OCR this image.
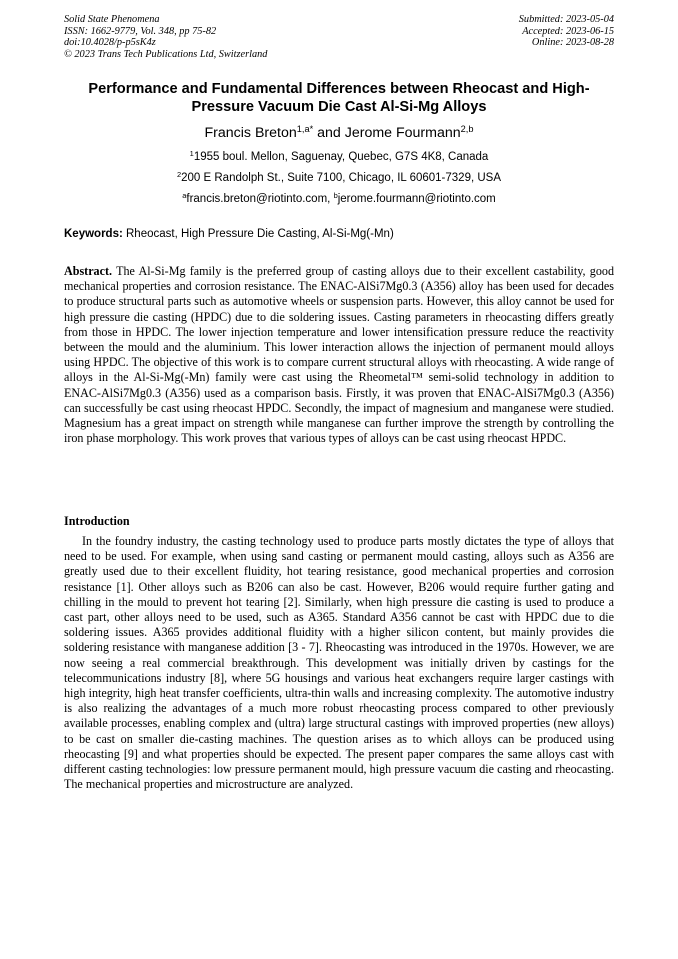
Solid State Phenomena
ISSN: 1662-9779, Vol. 348, pp 75-82
doi:10.4028/p-p5sK4z
© 2023 Trans Tech Publications Ltd, Switzerland
Submitted: 2023-05-04
Accepted: 2023-06-15
Online: 2023-08-28
Performance and Fundamental Differences between Rheocast and High-Pressure Vacuum Die Cast Al-Si-Mg Alloys
Francis Breton$^{1,a*}$ and Jerome Fourmann$^{2,b}$
$^1$1955 boul. Mellon, Saguenay, Quebec, G7S 4K8, Canada
$^2$200 E Randolph St., Suite 7100, Chicago, IL 60601-7329, USA
$^a$francis.breton@riotinto.com, $^b$jerome.fourmann@riotinto.com
Keywords: Rheocast, High Pressure Die Casting, Al-Si-Mg(-Mn)
Abstract. The Al-Si-Mg family is the preferred group of casting alloys due to their excellent castability, good mechanical properties and corrosion resistance. The ENAC-AlSi7Mg0.3 (A356) alloy has been used for decades to produce structural parts such as automotive wheels or suspension parts. However, this alloy cannot be used for high pressure die casting (HPDC) due to die soldering issues. Casting parameters in rheocasting differs greatly from those in HPDC. The lower injection temperature and lower intensification pressure reduce the reactivity between the mould and the aluminium. This lower interaction allows the injection of permanent mould alloys using HPDC. The objective of this work is to compare current structural alloys with rheocasting. A wide range of alloys in the Al-Si-Mg(-Mn) family were cast using the Rheometal™ semi-solid technology in addition to ENAC-AlSi7Mg0.3 (A356) used as a comparison basis. Firstly, it was proven that ENAC-AlSi7Mg0.3 (A356) can successfully be cast using rheocast HPDC. Secondly, the impact of magnesium and manganese were studied. Magnesium has a great impact on strength while manganese can further improve the strength by controlling the iron phase morphology. This work proves that various types of alloys can be cast using rheocast HPDC.
Introduction
In the foundry industry, the casting technology used to produce parts mostly dictates the type of alloys that need to be used. For example, when using sand casting or permanent mould casting, alloys such as A356 are greatly used due to their excellent fluidity, hot tearing resistance, good mechanical properties and corrosion resistance [1]. Other alloys such as B206 can also be cast. However, B206 would require further gating and chilling in the mould to prevent hot tearing [2]. Similarly, when high pressure die casting is used to produce a cast part, other alloys need to be used, such as A365. Standard A356 cannot be cast with HPDC due to die soldering issues. A365 provides additional fluidity with a higher silicon content, but mainly provides die soldering resistance with manganese addition [3 - 7]. Rheocasting was introduced in the 1970s. However, we are now seeing a real commercial breakthrough. This development was initially driven by castings for the telecommunications industry [8], where 5G housings and various heat exchangers require larger castings with high integrity, high heat transfer coefficients, ultra-thin walls and increasing complexity. The automotive industry is also realizing the advantages of a much more robust rheocasting process compared to other previously available processes, enabling complex and (ultra) large structural castings with improved properties (new alloys) to be cast on smaller die-casting machines. The question arises as to which alloys can be produced using rheocasting [9] and what properties should be expected. The present paper compares the same alloys cast with different casting technologies: low pressure permanent mould, high pressure vacuum die casting and rheocasting. The mechanical properties and microstructure are analyzed.
